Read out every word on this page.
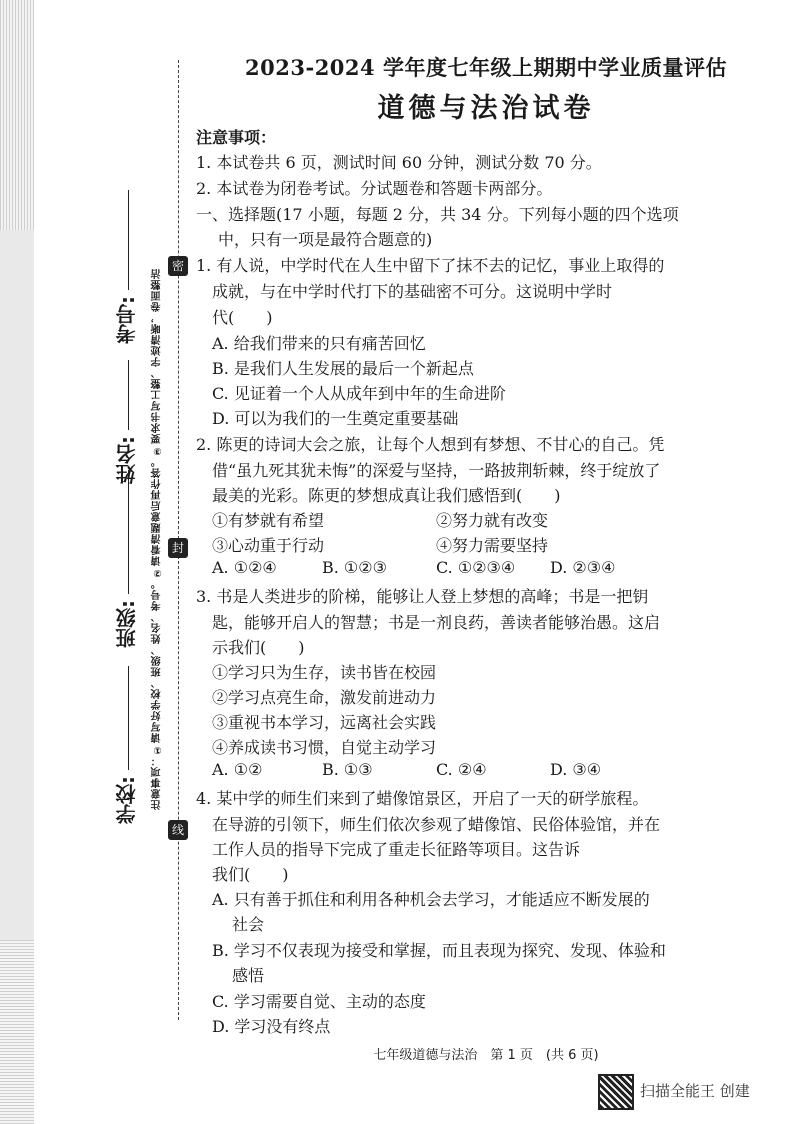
密
封
线
学校:
班级:
姓名:
考号: 注意事项：①请写好学校、班级、姓名、考号。②请看清题意后再作答。③要求书写工整、字迹清晰，卷面整洁
2023-2024 学年度七年级上期期中学业质量评估
道德与法治试卷
注意事项：
1. 本试卷共 6 页，测试时间 60 分钟，测试分数 70 分。
2. 本试卷为闭卷考试。分试题卷和答题卡两部分。
一、选择题(17 小题，每题 2 分，共 34 分。下列每小题的四个选项
中，只有一项是最符合题意的)
1. 有人说，中学时代在人生中留下了抹不去的记忆，事业上取得的
成就，与在中学时代打下的基础密不可分。这说明中学时
代(　　)
A. 给我们带来的只有痛苦回忆
B. 是我们人生发展的最后一个新起点
C. 见证着一个人从成年到中年的生命进阶
D. 可以为我们的一生奠定重要基础
2. 陈更的诗词大会之旅，让每个人想到有梦想、不甘心的自己。凭
借“虽九死其犹未悔”的深爱与坚持，一路披荆斩棘，终于绽放了
最美的光彩。陈更的梦想成真让我们感悟到(　　)
①有梦就有希望	②努力就有改变
③心动重于行动	④努力需要坚持
A. ①②④	B. ①②③	C. ①②③④ D. ②③④
3. 书是人类进步的阶梯，能够让人登上梦想的高峰；书是一把钥
匙，能够开启人的智慧；书是一剂良药，善读者能够治愚。这启
示我们(　　)
①学习只为生存，读书皆在校园
②学习点亮生命，激发前进动力
③重视书本学习，远离社会实践
④养成读书习惯，自觉主动学习
A. ①②	B. ①③	C. ②④	D. ③④
4. 某中学的师生们来到了蜡像馆景区，开启了一天的研学旅程。
在导游的引领下，师生们依次参观了蜡像馆、民俗体验馆，并在
工作人员的指导下完成了重走长征路等项目。这告诉
我们(　　)
A. 只有善于抓住和利用各种机会去学习，才能适应不断发展的
社会
B. 学习不仅表现为接受和掌握，而且表现为探究、发现、体验和
感悟
C. 学习需要自觉、主动的态度
D. 学习没有终点
七年级道德与法治　第 1 页　(共 6 页)
扫描全能王 创建
